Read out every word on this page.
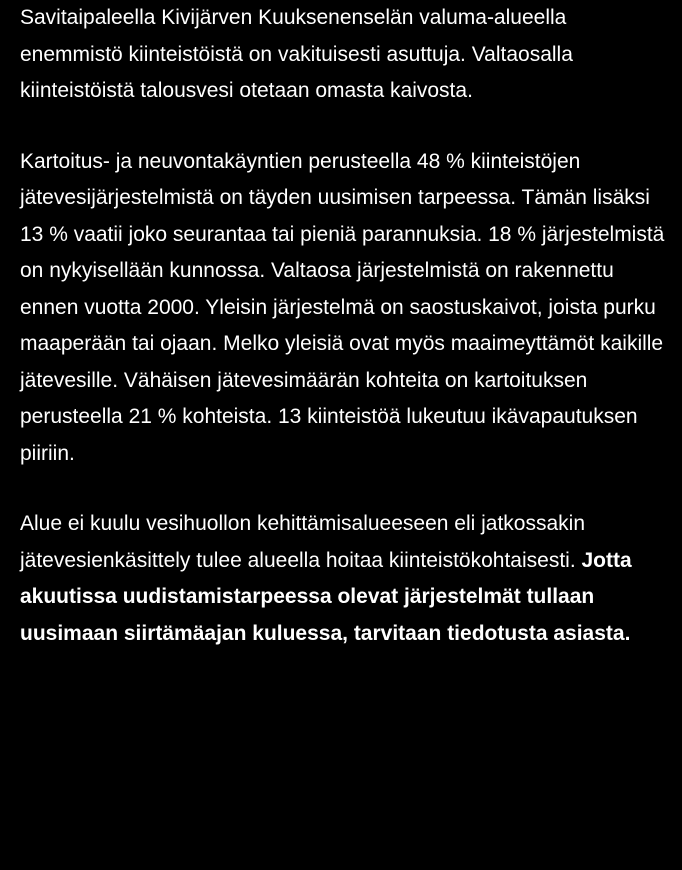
Savitaipaleella Kivijärven Kuuksenenselän valuma-alueella enemmistö kiinteistöistä on vakituisesti asuttuja. Valtaosalla kiinteistöistä talousvesi otetaan omasta kaivosta.

Kartoitus- ja neuvontakäyntien perusteella 48 % kiinteistöjen jätevesijärjestelmistä on täyden uusimisen tarpeessa. Tämän lisäksi 13 % vaatii joko seurantaa tai pieniä parannuksia. 18 % järjestelmistä on nykyisellään kunnossa. Valtaosa järjestelmistä on rakennettu ennen vuotta 2000. Yleisin järjestelmä on saostuskaivot, joista purku maaperään tai ojaan. Melko yleisiä ovat myös maaimeyttämöt kaikille jätevesille. Vähäisen jätevesimäärän kohteita on kartoituksen perusteella 21 % kohteista. 13 kiinteistöä lukeutuu ikävapautuksen piiriin.

Alue ei kuulu vesihuollon kehittämisalueeseen eli jatkossakin jätevesienkäsittely tulee alueella hoitaa kiinteistökohtaisesti. Jotta akuutissa uudistamistarpeessa olevat järjestelmät tullaan uusimaan siirtämäajan kuluessa, tarvitaan tiedotusta asiasta.
